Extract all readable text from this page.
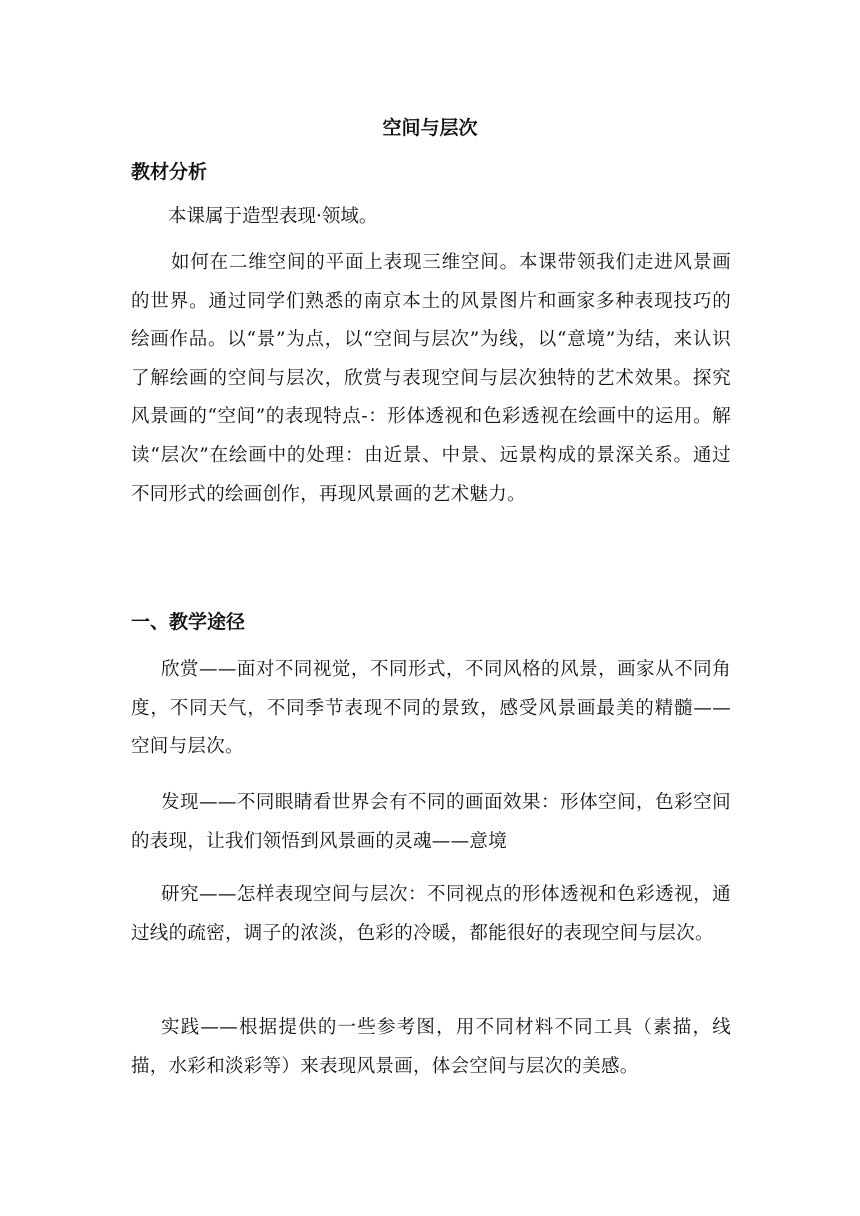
空间与层次
教材分析

本课属于造型表现·领域。

如何在二维空间的平面上表现三维空间。本课带领我们走进风景画的世界。通过同学们熟悉的南京本土的风景图片和画家多种表现技巧的绘画作品。以“景”为点，以“空间与层次”为线，以“意境”为结，来认识了解绘画的空间与层次，欣赏与表现空间与层次独特的艺术效果。探究风景画的“空间”的表现特点-：形体透视和色彩透视在绘画中的运用。解读“层次”在绘画中的处理：由近景、中景、远景构成的景深关系。通过不同形式的绘画创作，再现风景画的艺术魅力。

一、教学途径

欣赏——面对不同视觉，不同形式，不同风格的风景，画家从不同角度，不同天气，不同季节表现不同的景致，感受风景画最美的精髓——空间与层次。

发现——不同眼睛看世界会有不同的画面效果：形体空间，色彩空间的表现，让我们领悟到风景画的灵魂——意境

研究——怎样表现空间与层次：不同视点的形体透视和色彩透视，通过线的疏密，调子的浓淡，色彩的冷暖，都能很好的表现空间与层次。

实践——根据提供的一些参考图，用不同材料不同工具（素描，线描，水彩和淡彩等）来表现风景画，体会空间与层次的美感。
